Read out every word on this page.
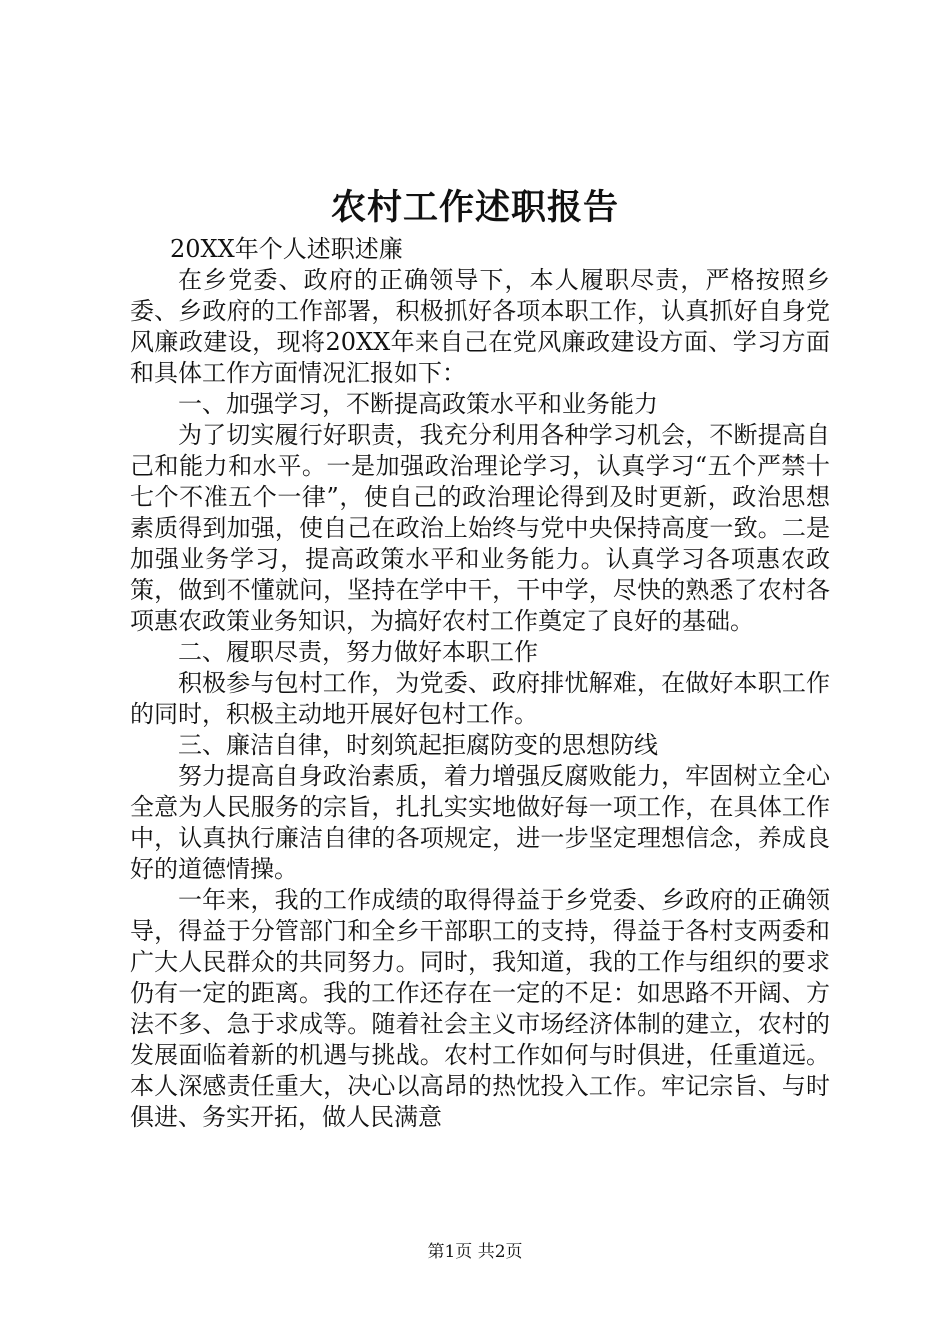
农村工作述职报告

20XX年个人述职述廉

在乡党委、政府的正确领导下，本人履职尽责，严格按照乡委、乡政府的工作部署，积极抓好各项本职工作，认真抓好自身党风廉政建设，现将20XX年来自己在党风廉政建设方面、学习方面和具体工作方面情况汇报如下：

一、加强学习，不断提高政策水平和业务能力

为了切实履行好职责，我充分利用各种学习机会，不断提高自己和能力和水平。一是加强政治理论学习，认真学习“五个严禁十七个不准五个一律”，使自己的政治理论得到及时更新，政治思想素质得到加强，使自己在政治上始终与党中央保持高度一致。二是加强业务学习，提高政策水平和业务能力。认真学习各项惠农政策，做到不懂就问，坚持在学中干，干中学，尽快的熟悉了农村各项惠农政策业务知识，为搞好农村工作奠定了良好的基础。

二、履职尽责，努力做好本职工作

积极参与包村工作，为党委、政府排忧解难，在做好本职工作的同时，积极主动地开展好包村工作。

三、廉洁自律，时刻筑起拒腐防变的思想防线

努力提高自身政治素质，着力增强反腐败能力，牢固树立全心全意为人民服务的宗旨，扎扎实实地做好每一项工作，在具体工作中，认真执行廉洁自律的各项规定，进一步坚定理想信念，养成良好的道德情操。

一年来，我的工作成绩的取得得益于乡党委、乡政府的正确领导，得益于分管部门和全乡干部职工的支持，得益于各村支两委和广大人民群众的共同努力。同时，我知道，我的工作与组织的要求仍有一定的距离。我的工作还存在一定的不足：如思路不开阔、方法不多、急于求成等。随着社会主义市场经济体制的建立，农村的发展面临着新的机遇与挑战。农村工作如何与时俱进，任重道远。本人深感责任重大，决心以高昂的热忱投入工作。牢记宗旨、与时俱进、务实开拓，做人民满意

第1页 共2页
